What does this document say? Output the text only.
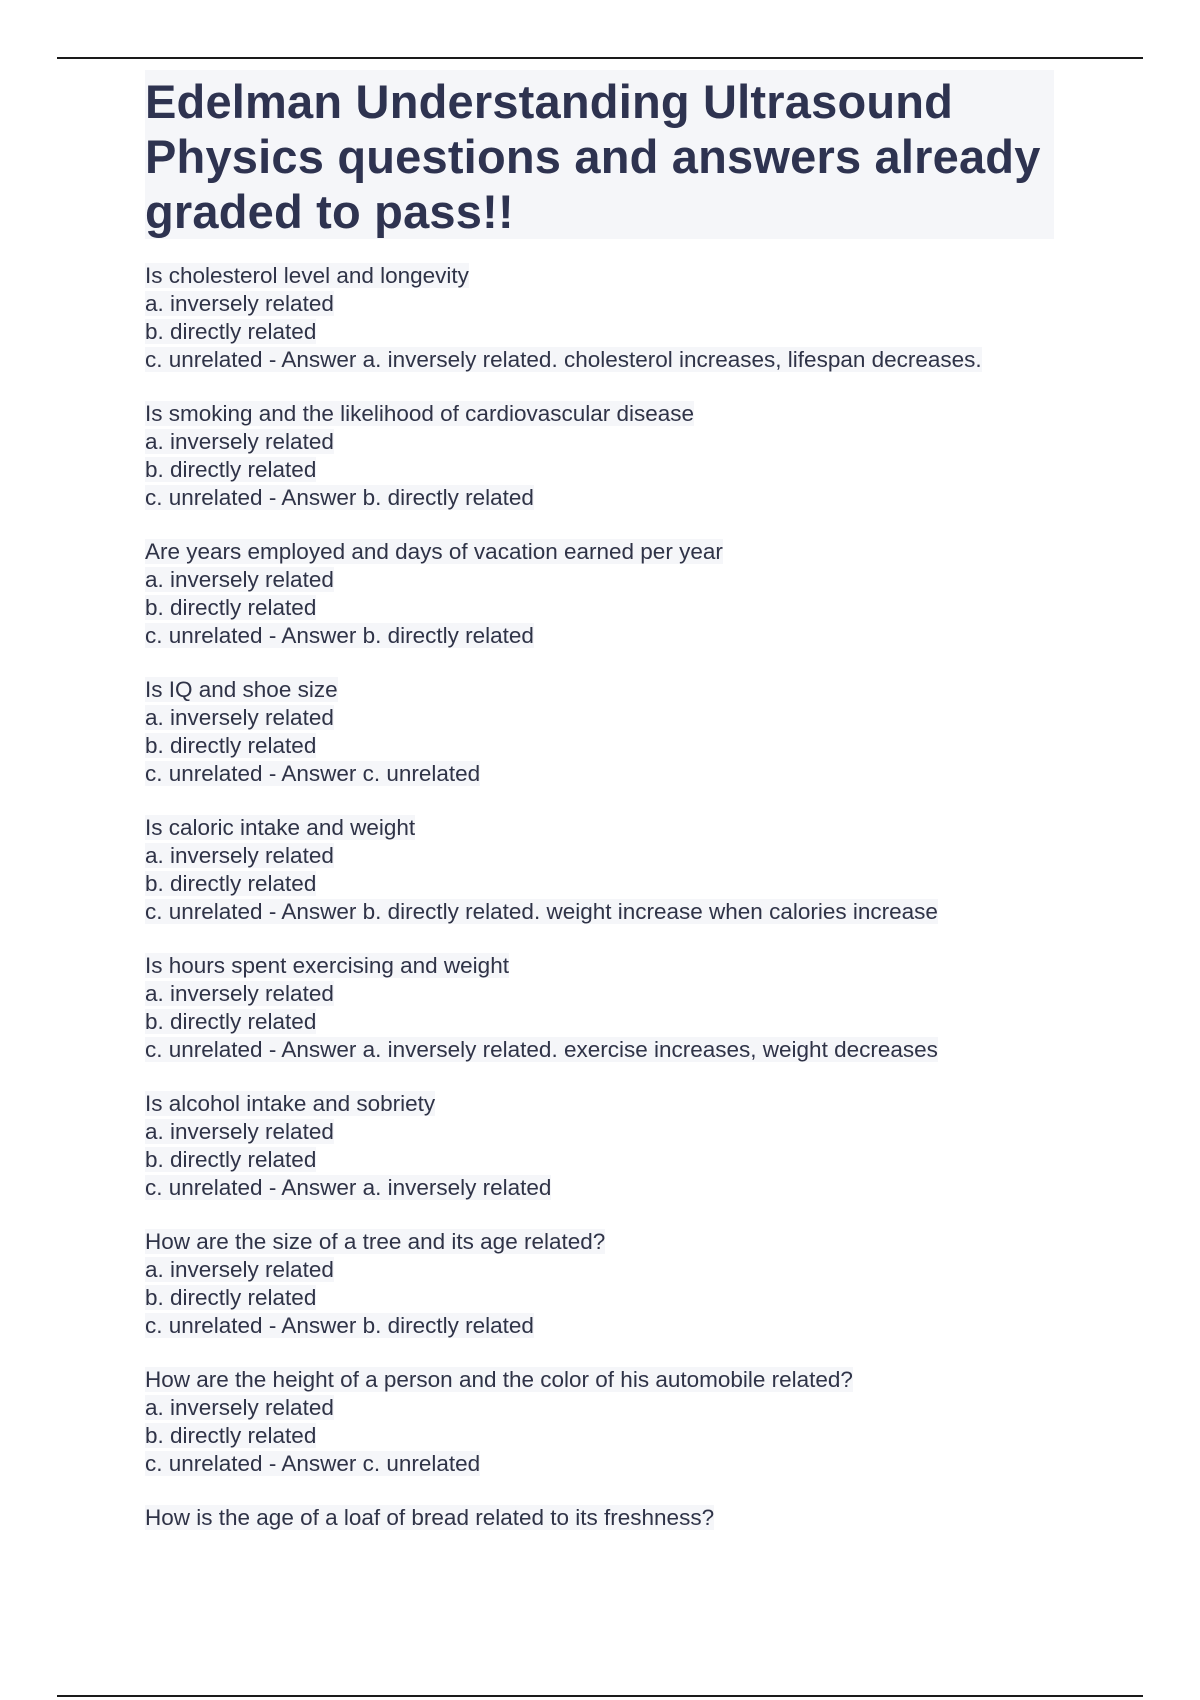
Edelman Understanding Ultrasound Physics questions and answers already graded to pass!!
Is cholesterol level and longevity
a. inversely related
b. directly related
c. unrelated - Answer a. inversely related. cholesterol increases, lifespan decreases.
Is smoking and the likelihood of cardiovascular disease
a. inversely related
b. directly related
c. unrelated - Answer b. directly related
Are years employed and days of vacation earned per year
a. inversely related
b. directly related
c. unrelated - Answer b. directly related
Is IQ and shoe size
a. inversely related
b. directly related
c. unrelated - Answer c. unrelated
Is caloric intake and weight
a. inversely related
b. directly related
c. unrelated - Answer b. directly related. weight increase when calories increase
Is hours spent exercising and weight
a. inversely related
b. directly related
c. unrelated - Answer a. inversely related. exercise increases, weight decreases
Is alcohol intake and sobriety
a. inversely related
b. directly related
c. unrelated - Answer a. inversely related
How are the size of a tree and its age related?
a. inversely related
b. directly related
c. unrelated - Answer b. directly related
How are the height of a person and the color of his automobile related?
a. inversely related
b. directly related
c. unrelated - Answer c. unrelated
How is the age of a loaf of bread related to its freshness?
